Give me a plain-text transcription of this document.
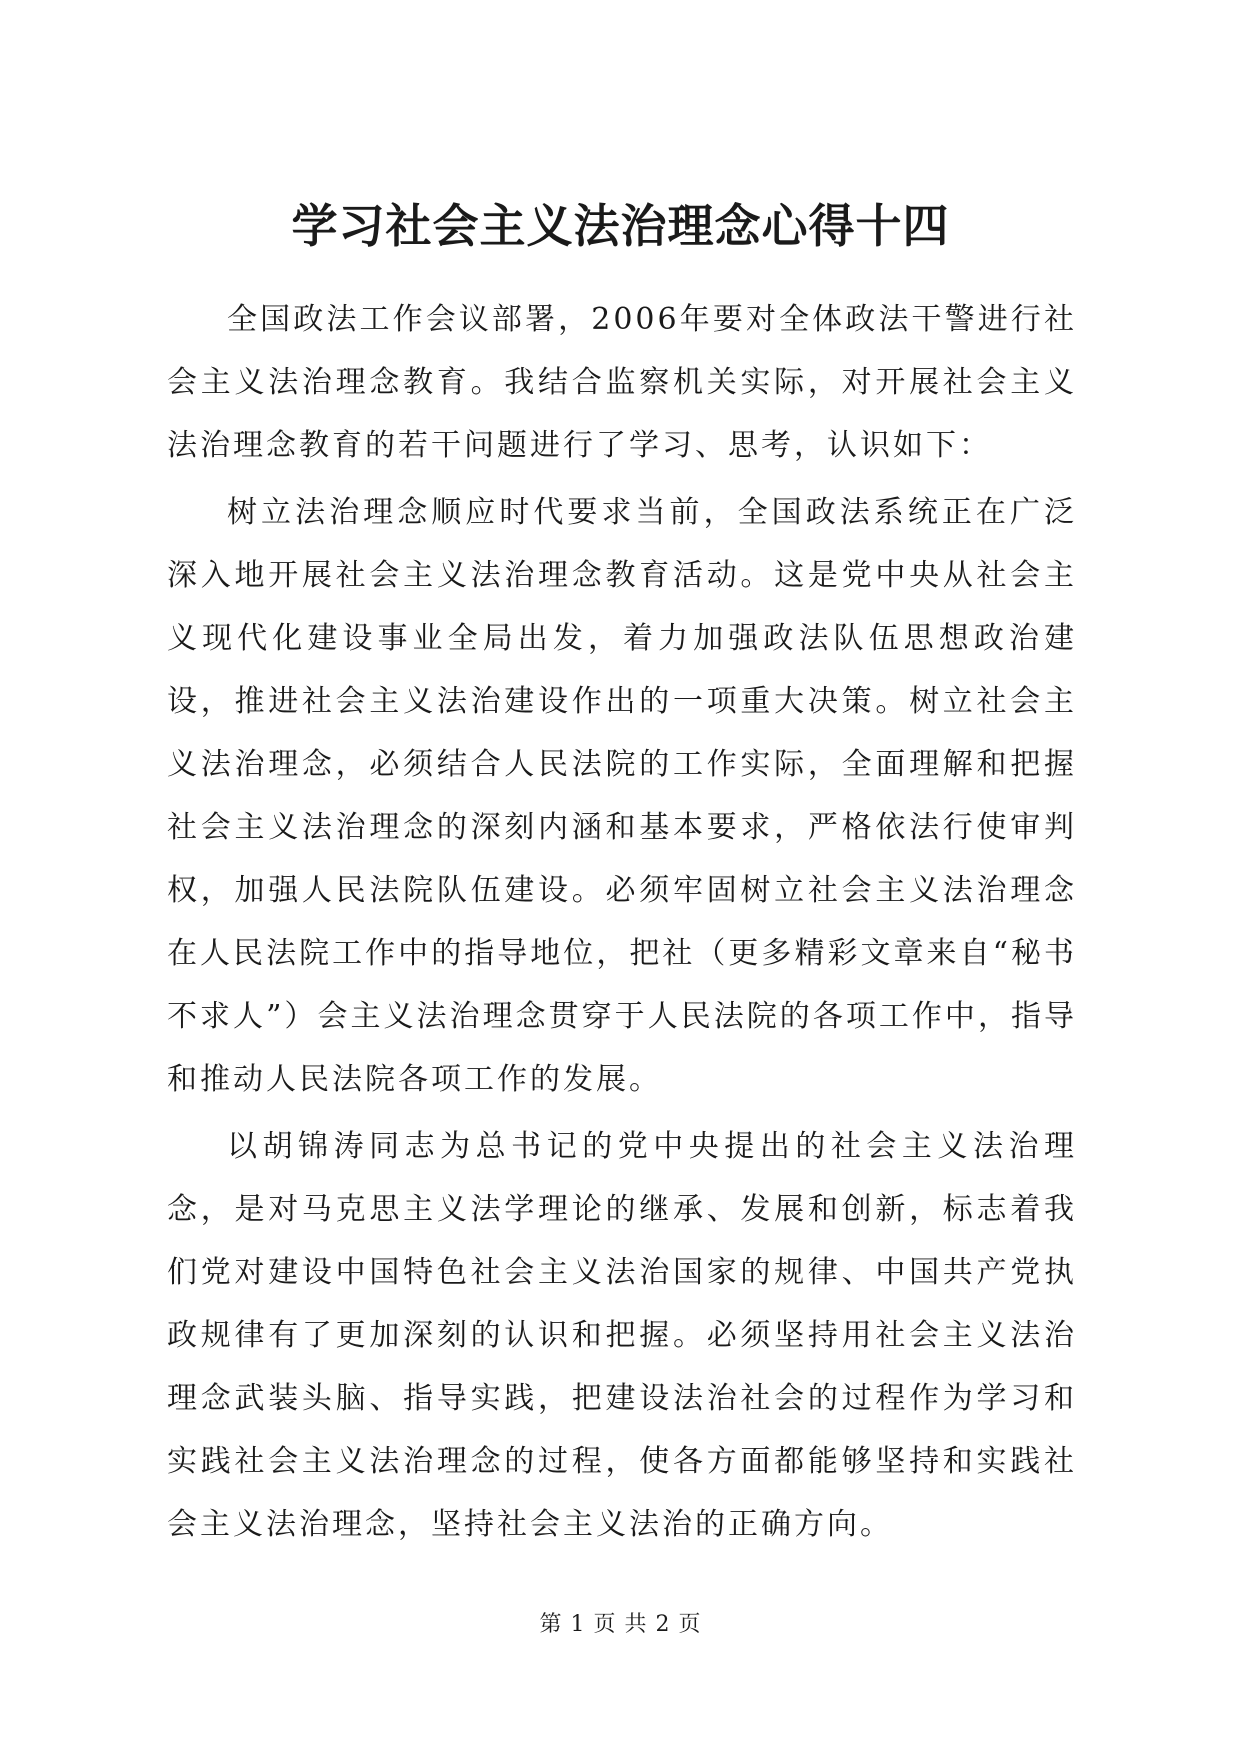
学习社会主义法治理念心得十四

全国政法工作会议部署，2006年要对全体政法干警进行社会主义法治理念教育。我结合监察机关实际，对开展社会主义法治理念教育的若干问题进行了学习、思考，认识如下：

树立法治理念顺应时代要求当前，全国政法系统正在广泛深入地开展社会主义法治理念教育活动。这是党中央从社会主义现代化建设事业全局出发，着力加强政法队伍思想政治建设，推进社会主义法治建设作出的一项重大决策。树立社会主义法治理念，必须结合人民法院的工作实际，全面理解和把握社会主义法治理念的深刻内涵和基本要求，严格依法行使审判权，加强人民法院队伍建设。必须牢固树立社会主义法治理念在人民法院工作中的指导地位，把社（更多精彩文章来自“秘书不求人”）会主义法治理念贯穿于人民法院的各项工作中，指导和推动人民法院各项工作的发展。

以胡锦涛同志为总书记的党中央提出的社会主义法治理念，是对马克思主义法学理论的继承、发展和创新，标志着我们党对建设中国特色社会主义法治国家的规律、中国共产党执政规律有了更加深刻的认识和把握。必须坚持用社会主义法治理念武装头脑、指导实践，把建设法治社会的过程作为学习和实践社会主义法治理念的过程，使各方面都能够坚持和实践社会主义法治理念，坚持社会主义法治的正确方向。

第 1 页 共 2 页
